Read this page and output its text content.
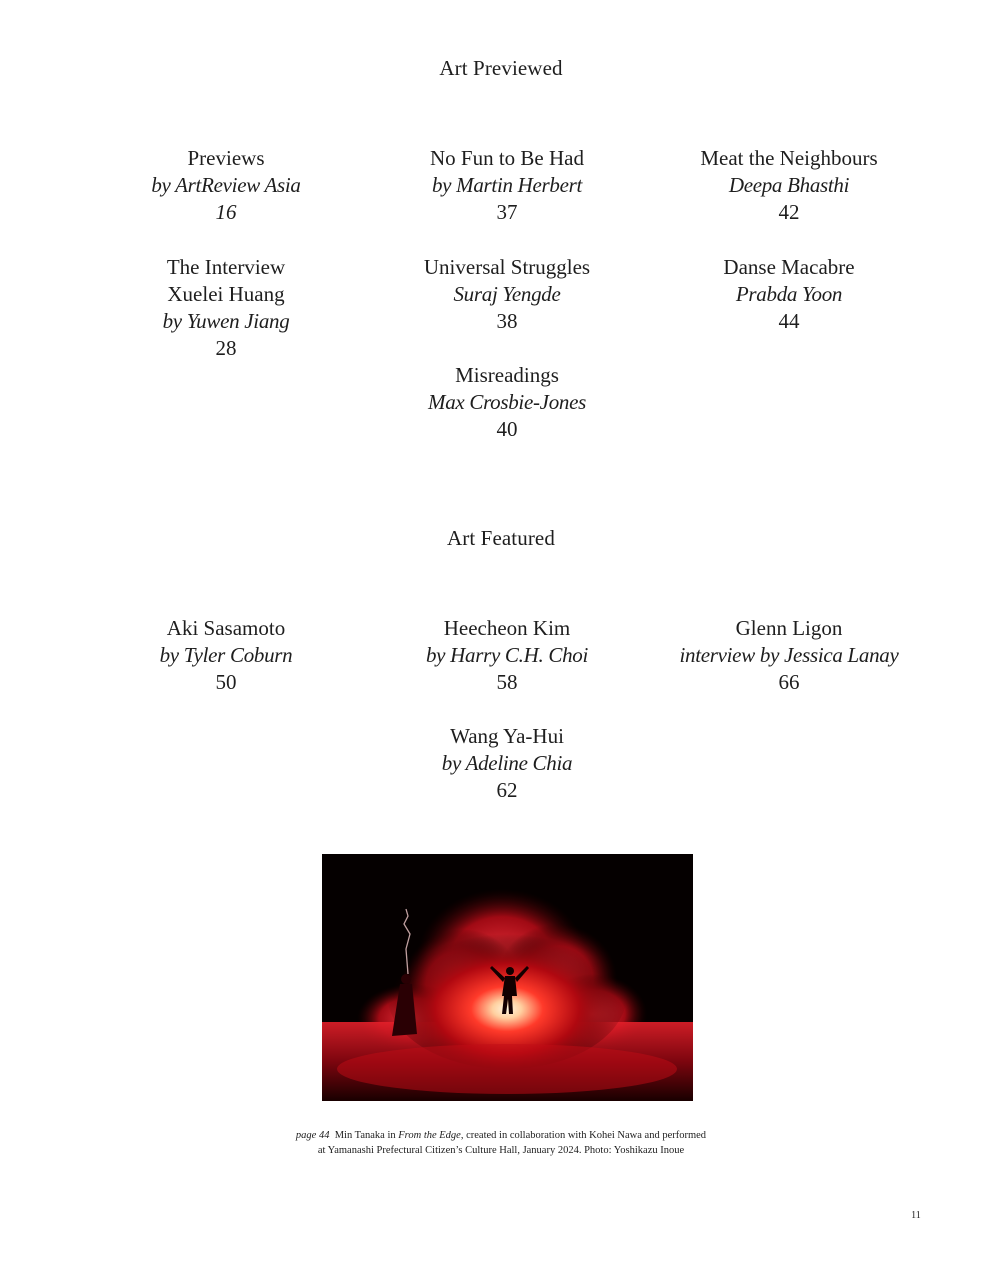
Art Previewed
Previews
by ArtReview Asia
16
The Interview
Xuelei Huang
by Yuwen Jiang
28
No Fun to Be Had
by Martin Herbert
37
Universal Struggles
Suraj Yengde
38
Misreadings
Max Crosbie-Jones
40
Meat the Neighbours
Deepa Bhasthi
42
Danse Macabre
Prabda Yoon
44
Art Featured
Aki Sasamoto
by Tyler Coburn
50
Heecheon Kim
by Harry C.H. Choi
58
Wang Ya-Hui
by Adeline Chia
62
Glenn Ligon
interview by Jessica Lanay
66
page 44 Min Tanaka in From the Edge, created in collaboration with Kohei Nawa and performed
at Yamanashi Prefectural Citizen’s Culture Hall, January 2024. Photo: Yoshikazu Inoue
11
